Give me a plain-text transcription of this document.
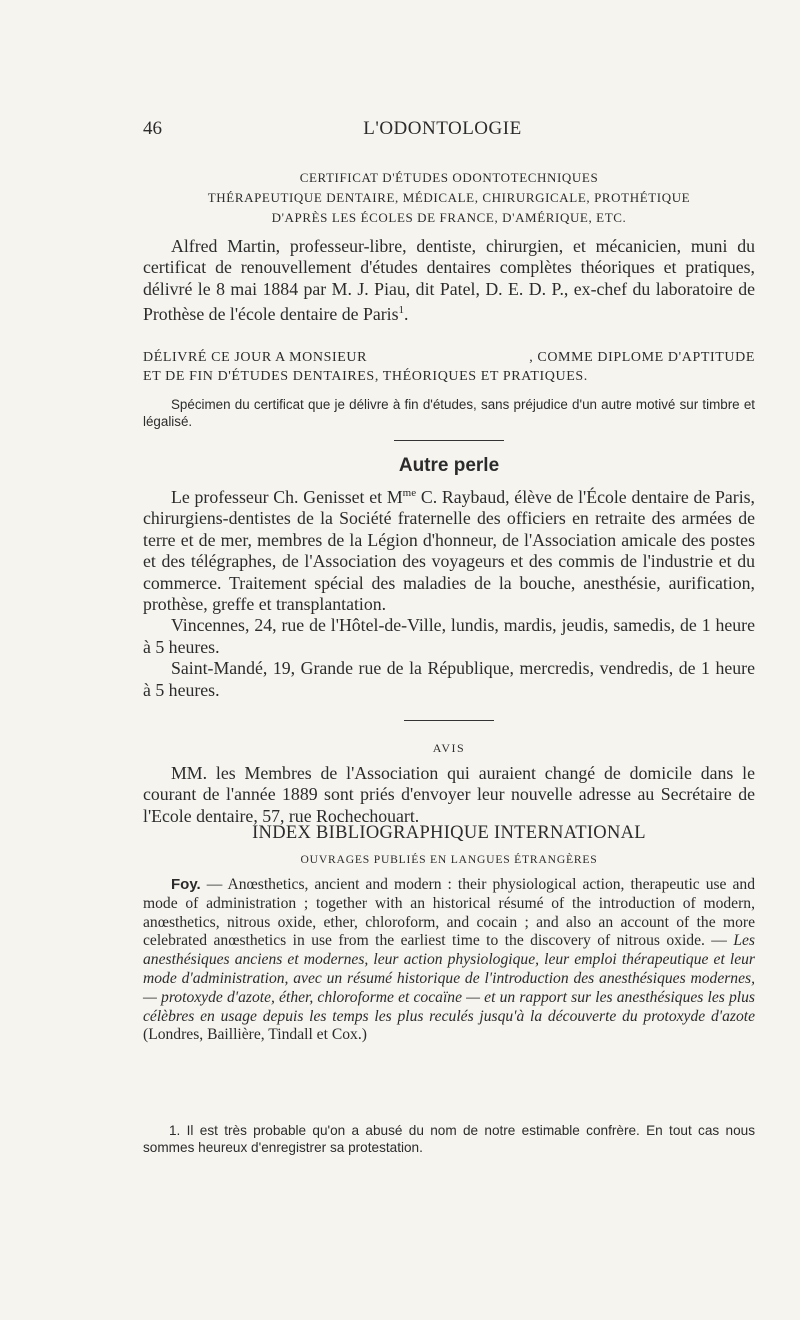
46	L'ODONTOLOGIE

CERTIFICAT D'ÉTUDES ODONTOTECHNIQUES

THÉRAPEUTIQUE DENTAIRE, MÉDICALE, CHIRURGICALE, PROTHÉTIQUE

D'APRÈS LES ÉCOLES DE FRANCE, D'AMÉRIQUE, ETC.

Alfred Martin, professeur-libre, dentiste, chirurgien, et mécanicien, muni du certificat de renouvellement d'études dentaires complètes théoriques et pratiques, délivré le 8 mai 1884 par M. J. Piau, dit Patel, D. E. D. P., ex-chef du laboratoire de Prothèse de l'école dentaire de Paris$^1$.

DÉLIVRÉ CE JOUR A MONSIEUR	, COMME DIPLOME D'APTITUDE

ET DE FIN D'ÉTUDES DENTAIRES, THÉORIQUES ET PRATIQUES.

Spécimen du certificat que je délivre à fin d'études, sans préjudice d'un autre motivé sur timbre et légalisé.

Autre perle

Le professeur Ch. Genisset et $M^{me}$ C. Raybaud, élève de l'École dentaire de Paris, chirurgiens-dentistes de la Société fraternelle des officiers en retraite des armées de terre et de mer, membres de la Légion d'honneur, de l'Association amicale des postes et des télégraphes, de l'Association des voyageurs et des commis de l'industrie et du commerce. Traitement spécial des maladies de la bouche, anesthésie, aurification, prothèse, greffe et transplantation.

Vincennes, 24, rue de l'Hôtel-de-Ville, lundis, mardis, jeudis, samedis, de 1 heure à 5 heures.

Saint-Mandé, 19, Grande rue de la République, mercredis, vendredis, de 1 heure à 5 heures.

AVIS

MM. les Membres de l'Association qui auraient changé de domicile dans le courant de l'année 1889 sont priés d'envoyer leur nouvelle adresse au Secrétaire de l'Ecole dentaire, 57, rue Rochechouart.

INDEX BIBLIOGRAPHIQUE INTERNATIONAL

OUVRAGES PUBLIÉS EN LANGUES ÉTRANGÈRES

Foy. — Anœsthetics, ancient and modern : their physiological action, therapeutic use and mode of administration ; together with an historical résumé of the introduction of modern, anœsthetics, nitrous oxide, ether, chloroform, and cocain ; and also an account of the more celebrated anœsthetics in use from the earliest time to the discovery of nitrous oxide. — Les anesthésiques anciens et modernes, leur action physiologique, leur emploi thérapeutique et leur mode d'administration, avec un résumé historique de l'introduction des anesthésiques modernes, — protoxyde d'azote, éther, chloroforme et cocaïne — et un rapport sur les anesthésiques les plus célèbres en usage depuis les temps les plus reculés jusqu'à la découverte du protoxyde d'azote (Londres, Baillière, Tindall et Cox.)

1. Il est très probable qu'on a abusé du nom de notre estimable confrère. En tout cas nous sommes heureux d'enregistrer sa protestation.
